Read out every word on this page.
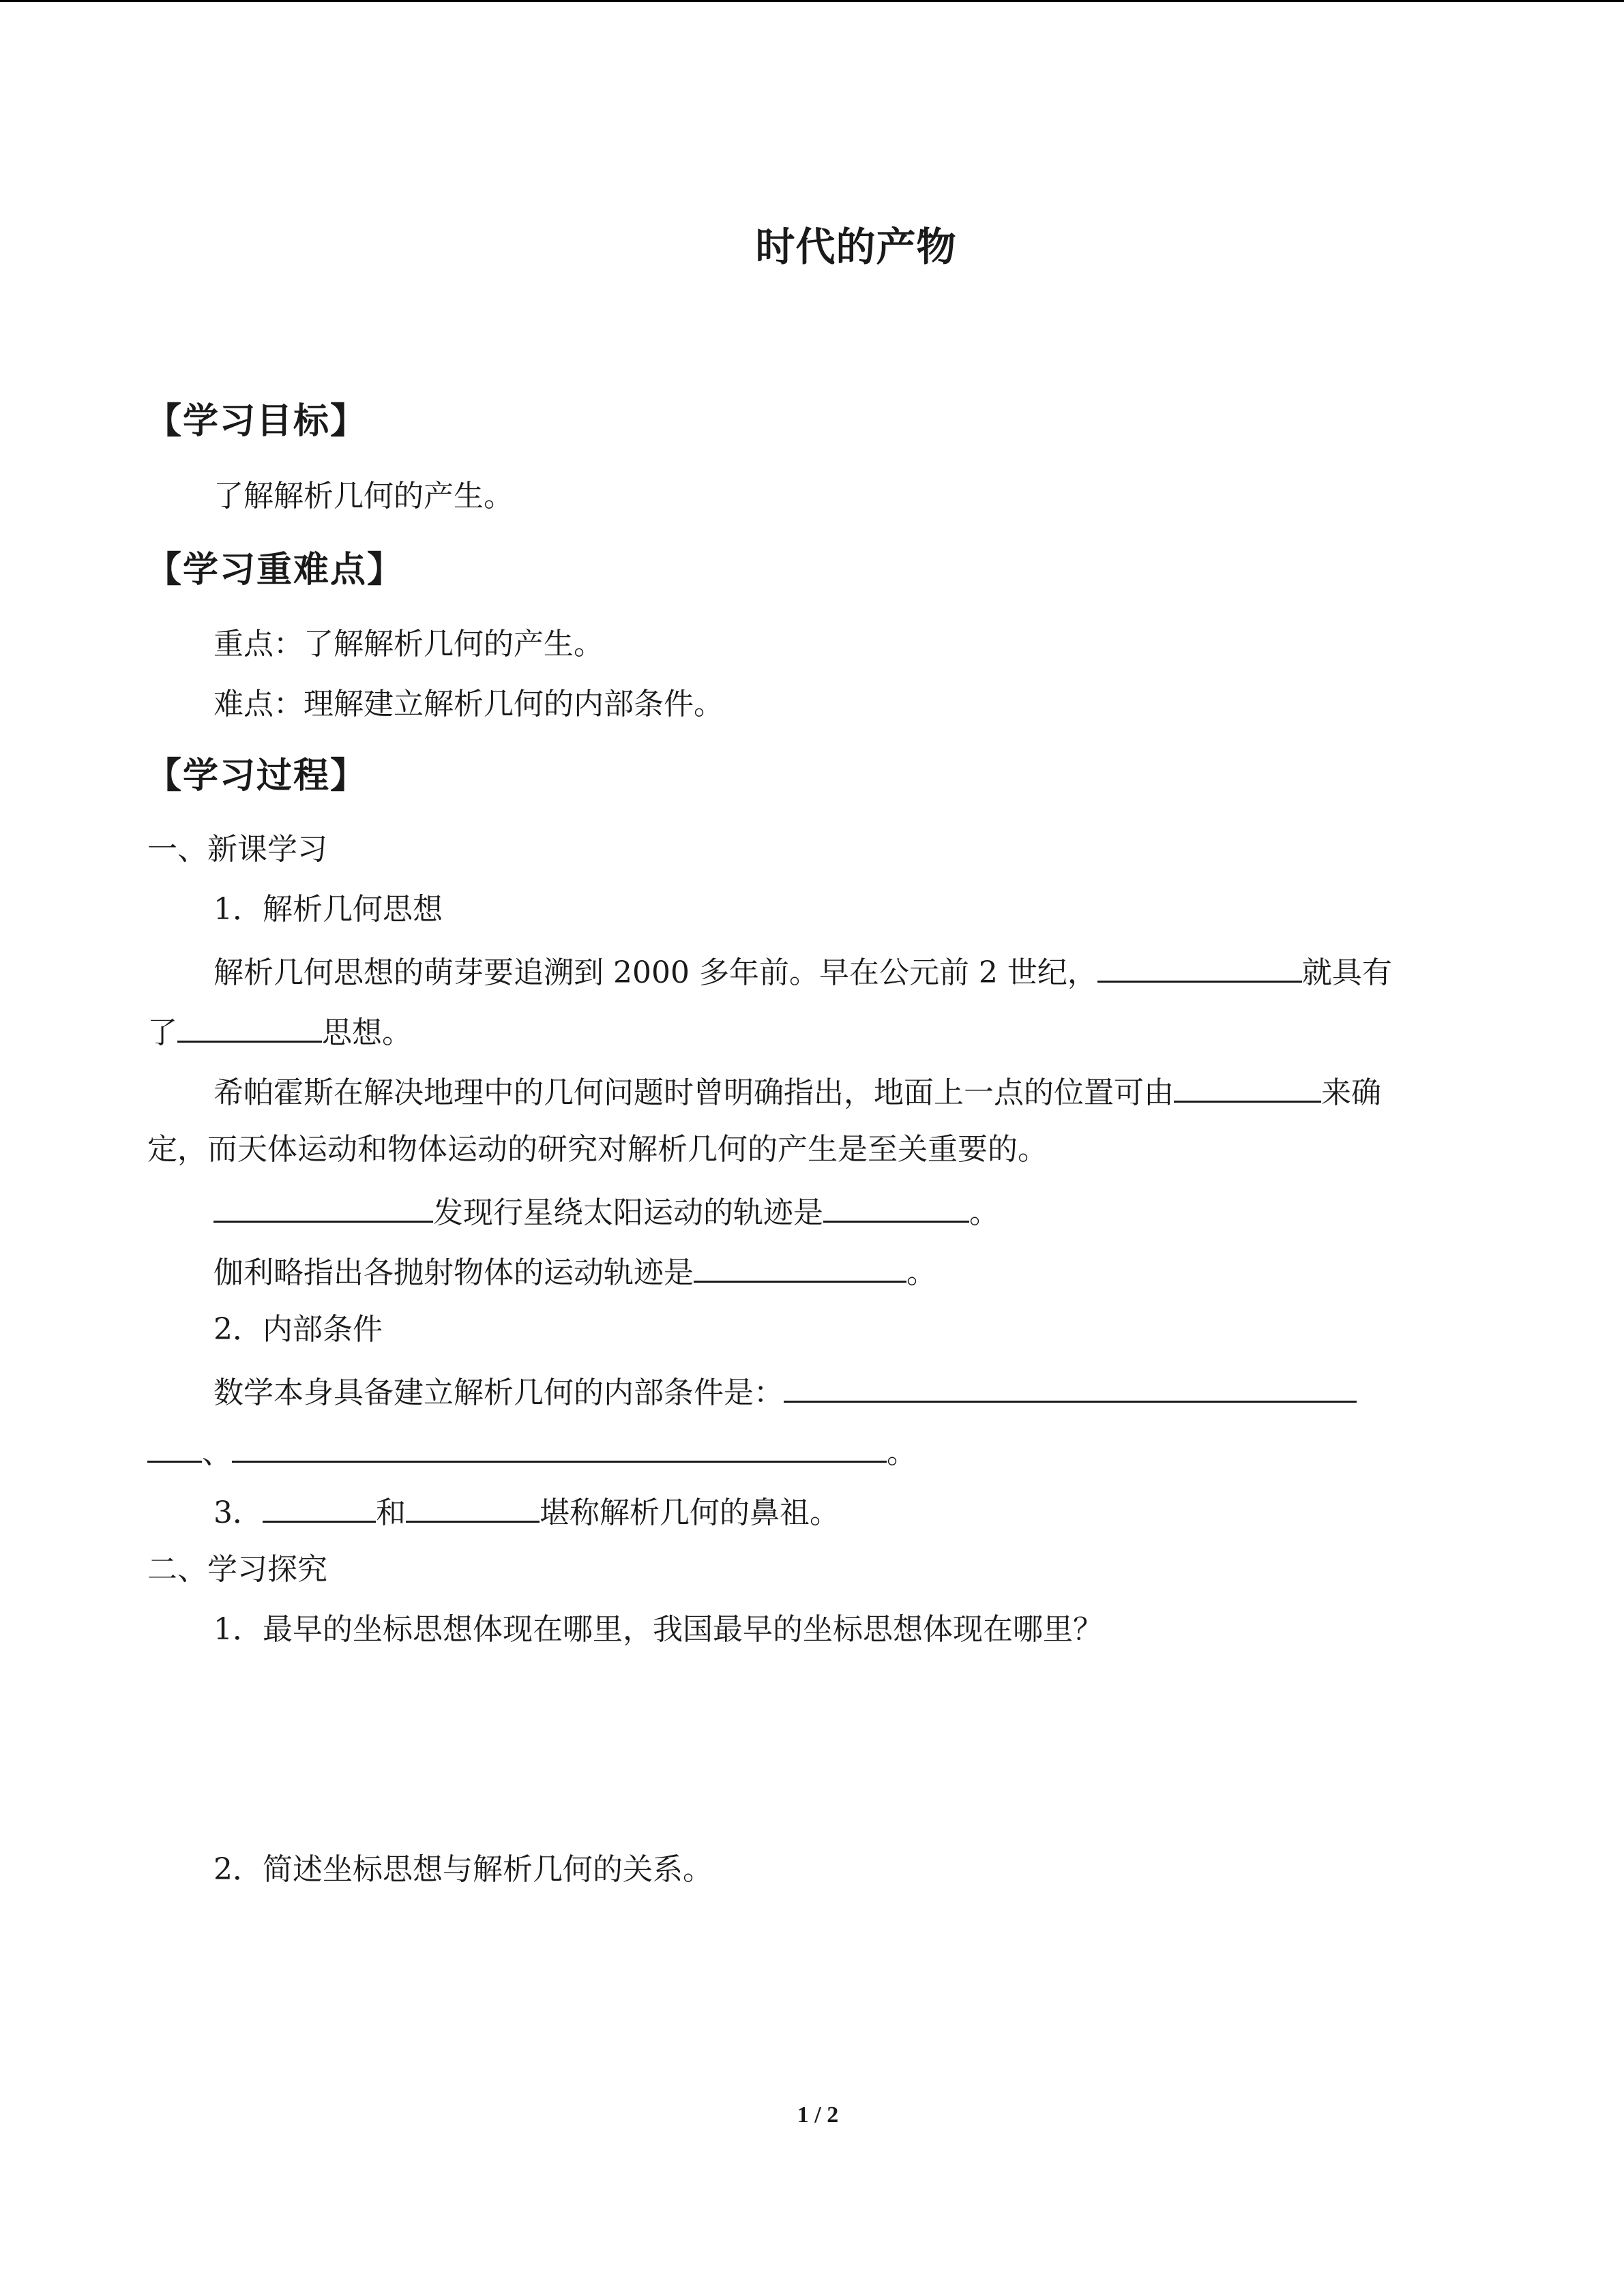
时代的产物
【学习目标】
了解解析几何的产生。
【学习重难点】
重点：了解解析几何的产生。
难点：理解建立解析几何的内部条件。
【学习过程】
一、新课学习
1．解析几何思想
解析几何思想的萌芽要追溯到 2000 多年前。早在公元前 2 世纪，	就具有
了	思想。
希帕霍斯在解决地理中的几何问题时曾明确指出，地面上一点的位置可由	来确
定，而天体运动和物体运动的研究对解析几何的产生是至关重要的。
发现行星绕太阳运动的轨迹是	。
伽利略指出各抛射物体的运动轨迹是	。
2．内部条件
数学本身具备建立解析几何的内部条件是：
、	。
3．	和	堪称解析几何的鼻祖。
二、学习探究
1．最早的坐标思想体现在哪里，我国最早的坐标思想体现在哪里？
2．简述坐标思想与解析几何的关系。
1 / 2
